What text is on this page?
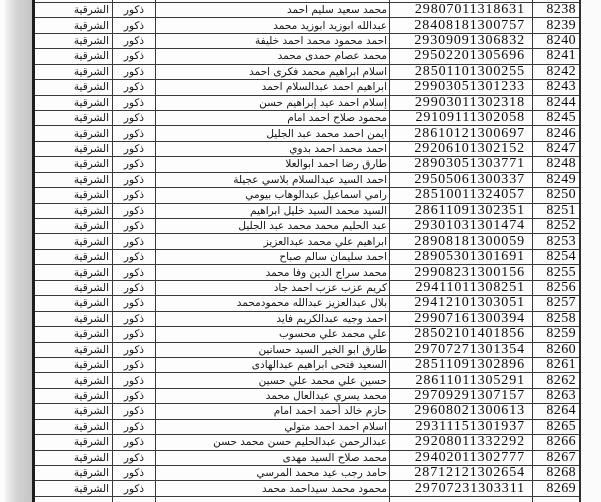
الشرقية	ذكور	محمد سعيد سليم احمد	29807011318631	8238
الشرقية	ذكور	عبدالله ابوزيد ابوزيد محمد	28408181300757	8239
الشرقية	ذكور	احمد محمود محمد احمد خليفة	29309091306832	8240
الشرقية	ذكور	محمد عصام حمدى محمد	29502201305696	8241
الشرقية	ذكور	اسلام ابراهيم محمد فكرى احمد	28501101300255	8242
الشرقية	ذكور	ابراهيم احمد عبدالسلام احمد	29903051301233	8243
الشرقية	ذكور	إسلام احمد عيد إبراهيم حسن	29903011302318	8244
الشرقية	ذكور	محمود صلاح احمد امام	29109111302058	8245
الشرقية	ذكور	ايمن احمد محمد عبد الجليل	28610121300697	8246
الشرقية	ذكور	احمد محمد احمد بدوي	29206101302152	8247
الشرقية	ذكور	طارق رضا احمد ابوالعلا	28903051303771	8248
الشرقية	ذكور	احمد السيد عبدالسلام بلاسي عجيلة	29505061300337	8249
الشرقية	ذكور	رامي اسماعيل عبدالوهاب بيومي	28510011324057	8250
الشرقية	ذكور	السيد محمد السيد خليل ابراهيم	28611091302351	8251
الشرقية	ذكور	عبد الحليم محمد محمد عبد الجليل	29301031301474	8252
الشرقية	ذكور	ابراهيم علي محمد عبدالعزيز	28908181300059	8253
الشرقية	ذكور	احمد سليمان سالم صباح	28905301301691	8254
الشرقية	ذكور	محمد سراج الدين وفا محمد	29908231300156	8255
الشرقية	ذكور	كريم عزب عزب احمد جاد	29411011308251	8256
الشرقية	ذكور	بلال عبدالعزيز عبدالله محمودمحمد	29412101303051	8257
الشرقية	ذكور	احمد وجيه عبدالكريم فايد	29907161300394	8258
الشرقية	ذكور	علي محمد علي محسوب	28502101401856	8259
الشرقية	ذكور	طارق ابو الخير السيد حسانين	29707271301354	8260
الشرقية	ذكور	السعيد فتحى ابراهيم عبدالهادى	28511091302896	8261
الشرقية	ذكور	حسين علي محمد علي حسين	28611011305291	8262
الشرقية	ذكور	محمد يسري عبدالعال محمد	29709291307157	8263
الشرقية	ذكور	حازم خالد أحمد احمد امام	29608021300613	8264
الشرقية	ذكور	اسلام احمد احمد متولي	29311151301937	8265
الشرقية	ذكور	عبدالرحمن عبدالحليم حسن محمد حسن	29208011332292	8266
الشرقية	ذكور	محمد صلاح السيد مهدى	29402011302777	8267
الشرقية	ذكور	حامد رجب عيد محمد المرسي	28712121302654	8268
الشرقية	ذكور	محمود محمد سيداحمد محمد	29707231303311	8269
